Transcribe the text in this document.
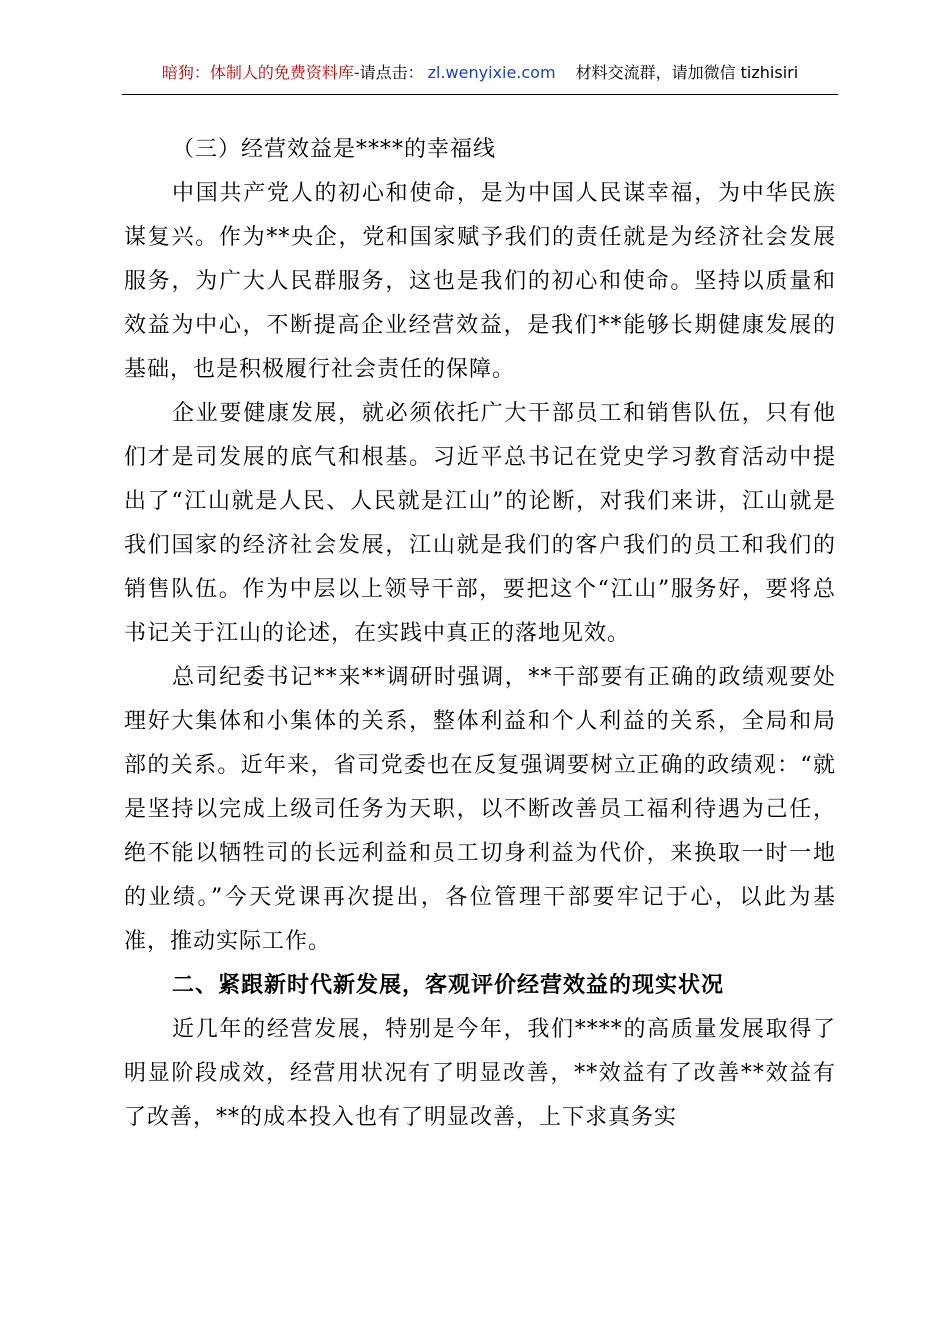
暗狗：体制人的免费资料库 - 请点击： zl.wenyixie.com 材料交流群，请加微信 tizhisiri
（三）经营效益是****的幸福线

中国共产党人的初心和使命，是为中国人民谋幸福，为中华民族谋复兴。作为**央企，党和国家赋予我们的责任就是为经济社会发展服务，为广大人民群服务，这也是我们的初心和使命。坚持以质量和效益为中心，不断提高企业经营效益，是我们**能够长期健康发展的基础，也是积极履行社会责任的保障。

企业要健康发展，就必须依托广大干部员工和销售队伍，只有他们才是司发展的底气和根基。习近平总书记在党史学习教育活动中提出了“江山就是人民、人民就是江山”的论断，对我们来讲，江山就是我们国家的经济社会发展，江山就是我们的客户我们的员工和我们的销售队伍。作为中层以上领导干部，要把这个“江山”服务好，要将总书记关于江山的论述，在实践中真正的落地见效。

总司纪委书记**来**调研时强调，**干部要有正确的政绩观要处理好大集体和小集体的关系，整体利益和个人利益的关系，全局和局部的关系。近年来，省司党委也在反复强调要树立正确的政绩观：“就是坚持以完成上级司任务为天职，以不断改善员工福利待遇为己任，绝不能以牺牲司的长远利益和员工切身利益为代价，来换取一时一地的业绩。”今天党课再次提出，各位管理干部要牢记于心，以此为基准，推动实际工作。

二、紧跟新时代新发展，客观评价经营效益的现实状况

近几年的经营发展，特别是今年，我们****的高质量发展取得了明显阶段成效，经营用状况有了明显改善，**效益有了改善**效益有了改善，**的成本投入也有了明显改善，上下求真务实
